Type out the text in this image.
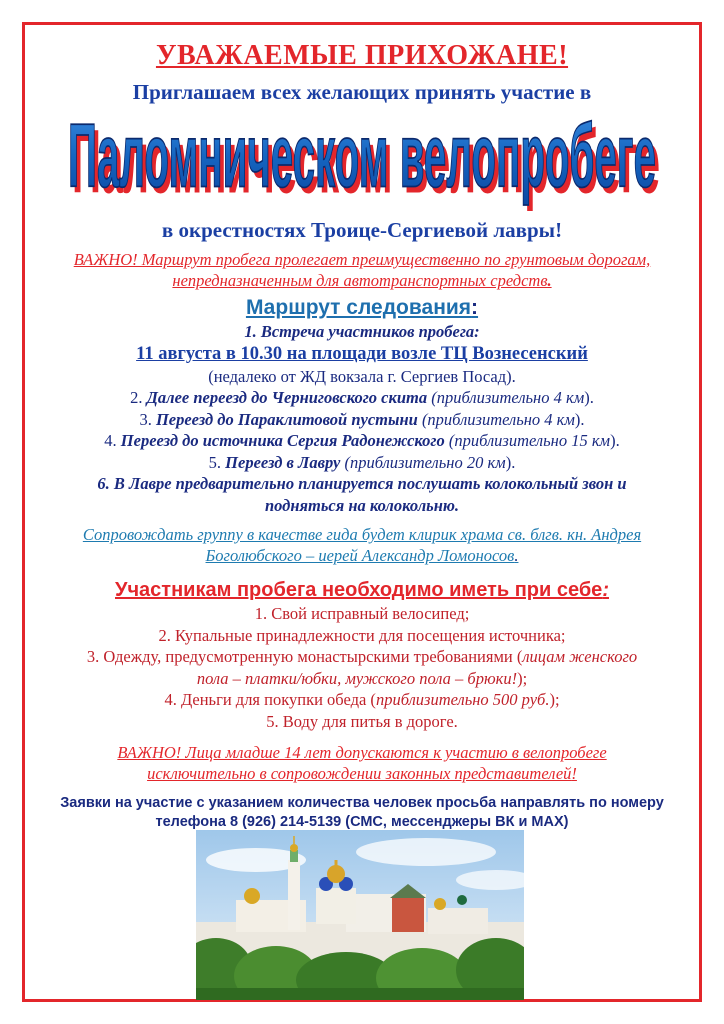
УВАЖАЕМЫЕ ПРИХОЖАНЕ!
Приглашаем всех желающих принять участие в
Паломническом велопробеге
Паломническом велопробеге
в окрестностях Троице-Сергиевой лавры!
ВАЖНО! Маршрут пробега пролегает преимущественно по грунтовым дорогам, непредназначенным для автотранспортных средств.
Маршрут следования:
1. Встреча участников пробега:
11 августа в 10.30 на площади возле ТЦ Вознесенский
(недалеко от ЖД вокзала г. Сергиев Посад).
2. Далее переезд до Черниговского скита (приблизительно 4 км).
3. Переезд до Параклитовой пустыни (приблизительно 4 км).
4. Переезд до источника Сергия Радонежского (приблизительно 15 км).
5. Переезд в Лавру (приблизительно 20 км).
6. В Лавре предварительно планируется послушать колокольный звон и подняться на колокольню.
Сопровождать группу в качестве гида будет клирик храма св. блгв. кн. Андрея Боголюбского – иерей Александр Ломоносов.
Участникам пробега необходимо иметь при себе:
1. Свой исправный велосипед;
2. Купальные принадлежности для посещения источника;
3. Одежду, предусмотренную монастырскими требованиями (лицам женского пола – платки/юбки, мужского пола – брюки!);
4. Деньги для покупки обеда (приблизительно 500 руб.);
5. Воду для питья в дороге.
ВАЖНО! Лица младше 14 лет допускаются к участию в велопробеге исключительно в сопровождении законных представителей!
Заявки на участие с указанием количества человек просьба направлять по номеру телефона 8 (926) 214-5139 (СМС, мессенджеры ВК и MAX)
